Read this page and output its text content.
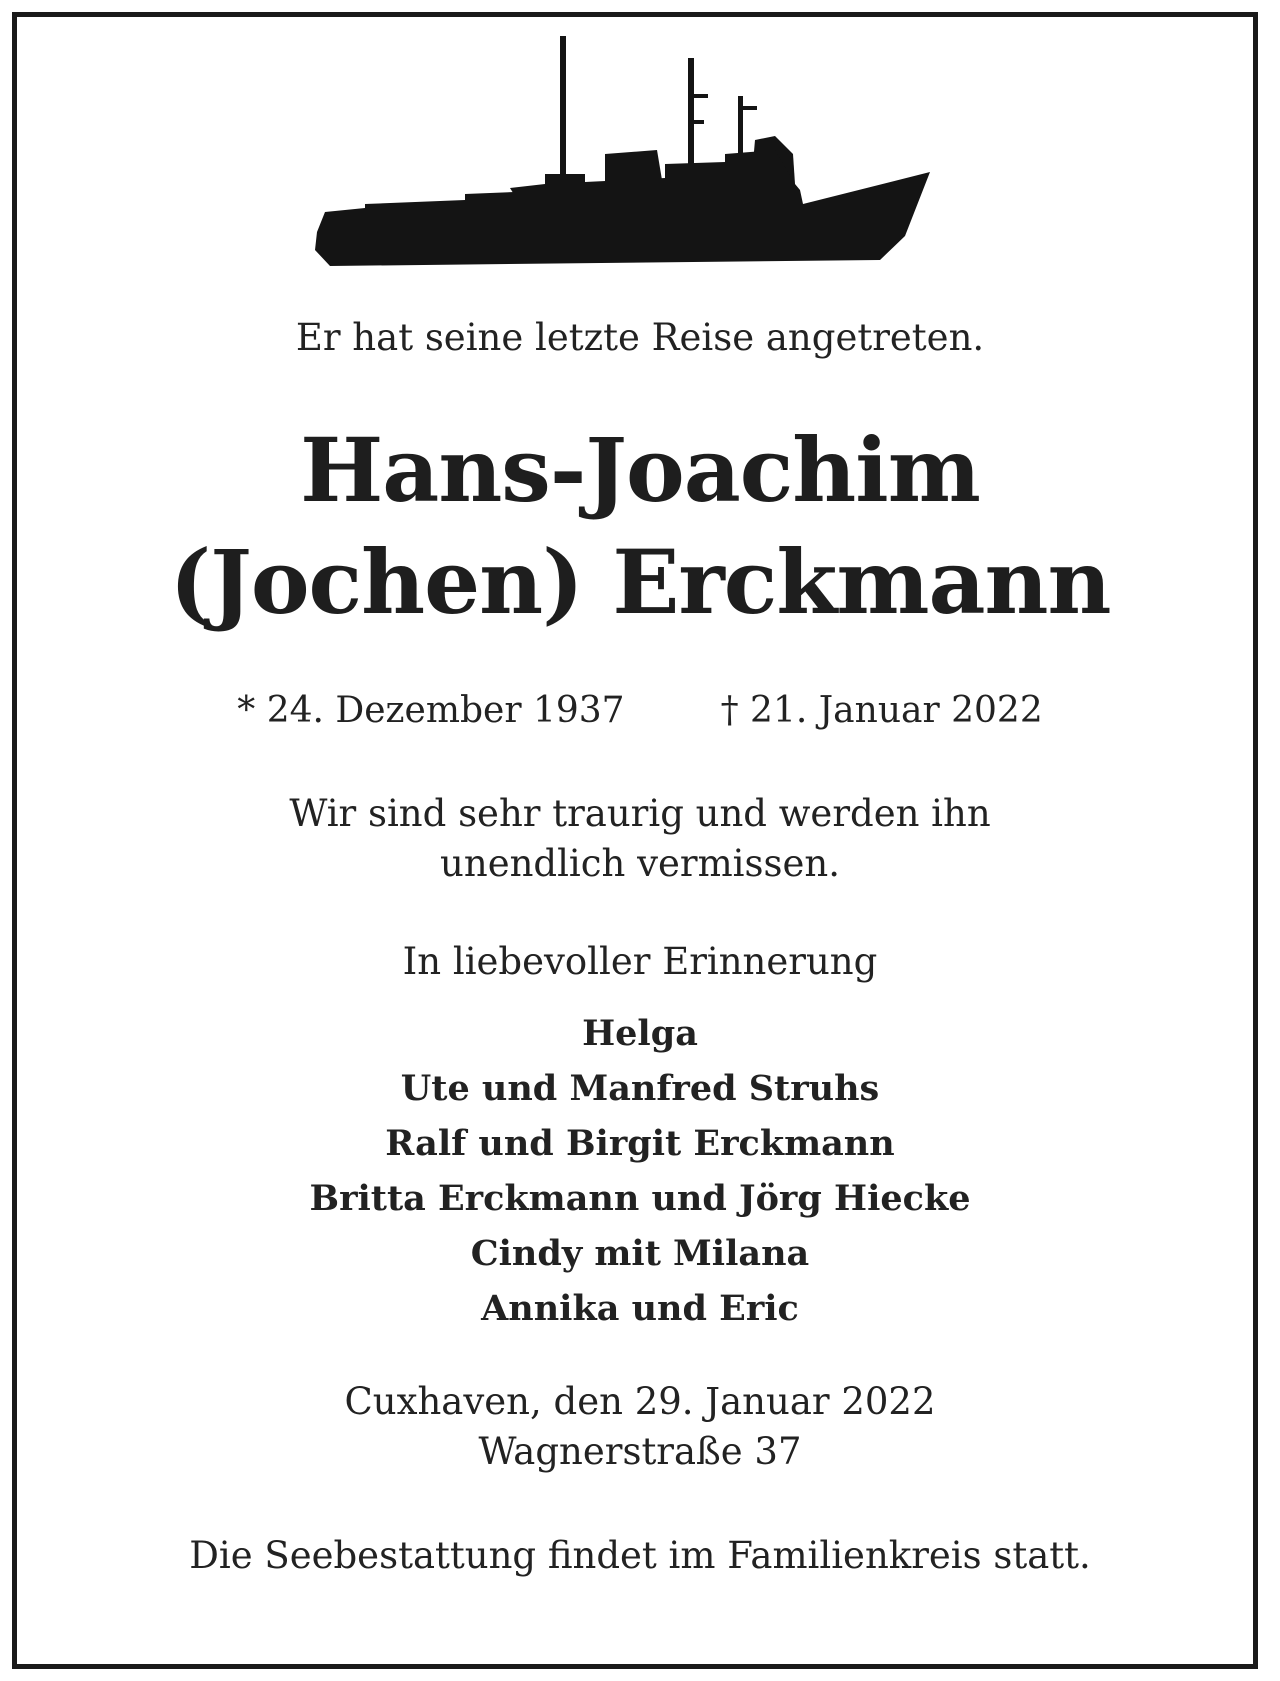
Er hat seine letzte Reise angetreten.
Hans-Joachim
(Jochen) Erckmann
* 24. Dezember 1937	† 21. Januar 2022
Wir sind sehr traurig und werden ihn
unendlich vermissen.
In liebevoller Erinnerung
Helga
Ute und Manfred Struhs
Ralf und Birgit Erckmann
Britta Erckmann und Jörg Hiecke
Cindy mit Milana
Annika und Eric
Cuxhaven, den 29. Januar 2022
Wagnerstraße 37
Die Seebestattung findet im Familienkreis statt.
